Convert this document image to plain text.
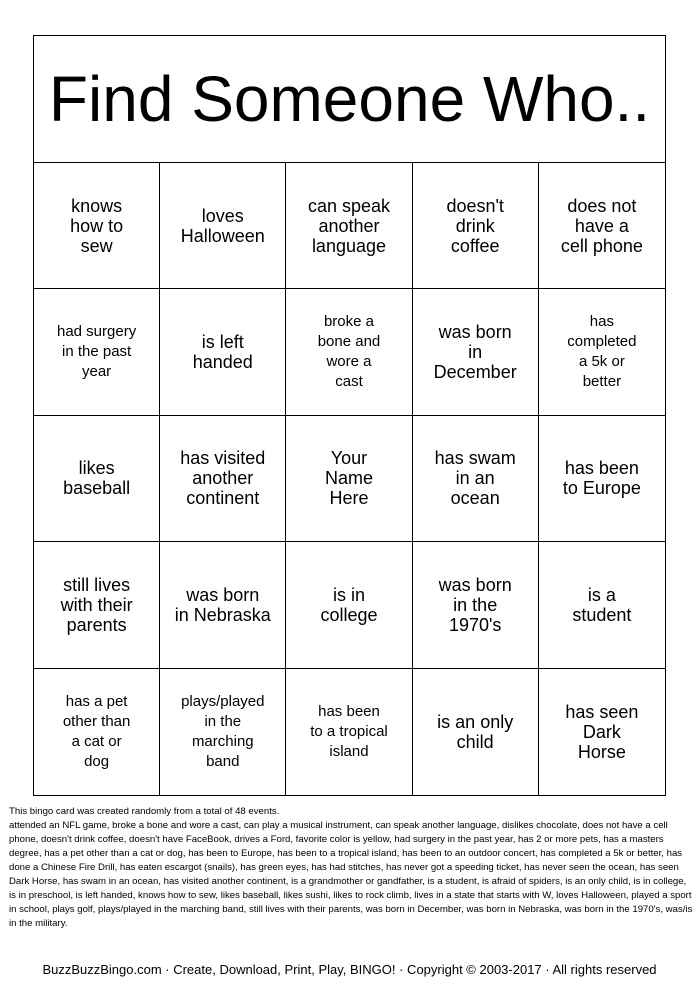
Find Someone Who..
knows
how to
sew
loves
Halloween
can speak
another
language
doesn't
drink
coffee
does not
have a
cell phone
had surgery
in the past
year
is left
handed
broke a
bone and
wore a
cast
was born
in
December
has
completed
a 5k or
better
likes
baseball
has visited
another
continent
Your
Name
Here
has swam
in an
ocean
has been
to Europe
still lives
with their
parents
was born
in Nebraska
is in
college
was born
in the
1970's
is a
student
has a pet
other than
a cat or
dog
plays/played
in the
marching
band
has been
to a tropical
island
is an only
child
has seen
Dark
Horse

This bingo card was created randomly from a total of 48 events.

attended an NFL game, broke a bone and wore a cast, can play a musical instrument, can speak another language, dislikes chocolate, does not have a cell phone, doesn't drink coffee, doesn't have FaceBook, drives a Ford, favorite color is yellow, had surgery in the past year, has 2 or more pets, has a masters degree, has a pet other than a cat or dog, has been to Europe, has been to a tropical island, has been to an outdoor concert, has completed a 5k or better, has done a Chinese Fire Drill, has eaten escargot (snails), has green eyes, has had stitches, has never got a speeding ticket, has never seen the ocean, has seen Dark Horse, has swam in an ocean, has visited another continent, is a grandmother or gandfather, is a student, is afraid of spiders, is an only child, is in college, is in preschool, is left handed, knows how to sew, likes baseball, likes sushi, likes to rock climb, lives in a state that starts with W, loves Halloween, played a sport in school, plays golf, plays/played in the marching band, still lives with their parents, was born in December, was born in Nebraska, was born in the 1970's, was/is in the military.

BuzzBuzzBingo.com · Create, Download, Print, Play, BINGO! · Copyright © 2003-2017 · All rights reserved
